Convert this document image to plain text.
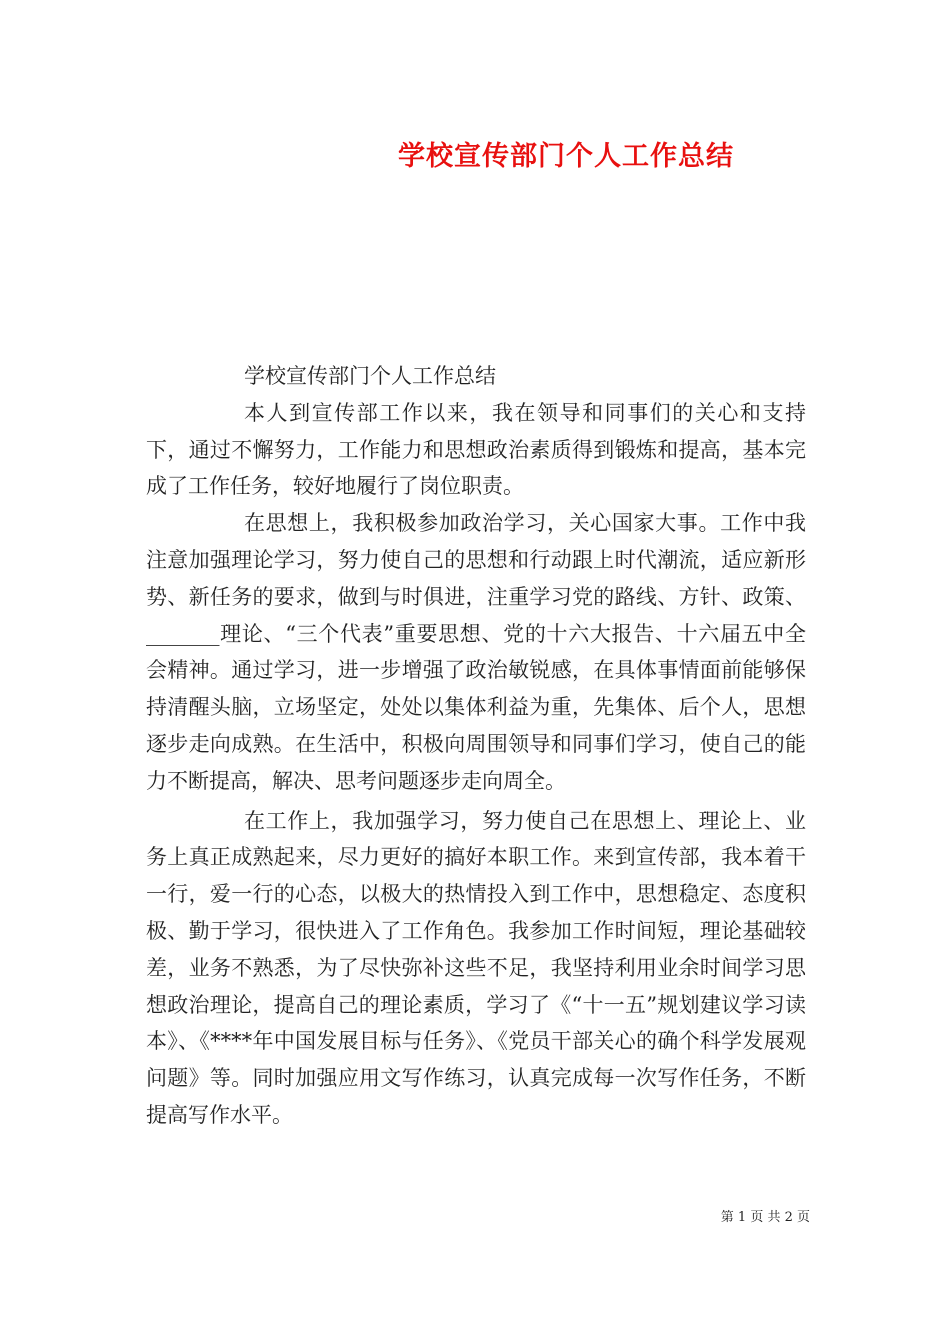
学校宣传部门个人工作总结

学校宣传部门个人工作总结

本人到宣传部工作以来，我在领导和同事们的关心和支持下，通过不懈努力，工作能力和思想政治素质得到锻炼和提高，基本完成了工作任务，较好地履行了岗位职责。

在思想上，我积极参加政治学习，关心国家大事。工作中我注意加强理论学习，努力使自己的思想和行动跟上时代潮流，适应新形势、新任务的要求，做到与时俱进，注重学习党的路线、方针、政策、_______理论、“三个代表”重要思想、党的十六大报告、十六届五中全会精神。通过学习，进一步增强了政治敏锐感，在具体事情面前能够保持清醒头脑，立场坚定，处处以集体利益为重，先集体、后个人，思想逐步走向成熟。在生活中，积极向周围领导和同事们学习，使自己的能力不断提高，解决、思考问题逐步走向周全。

在工作上，我加强学习，努力使自己在思想上、理论上、业务上真正成熟起来，尽力更好的搞好本职工作。来到宣传部，我本着干一行，爱一行的心态，以极大的热情投入到工作中，思想稳定、态度积极、勤于学习，很快进入了工作角色。我参加工作时间短，理论基础较差，业务不熟悉，为了尽快弥补这些不足，我坚持利用业余时间学习思想政治理论，提高自己的理论素质，学习了《“十一五”规划建议学习读本》、《****年中国发展目标与任务》、《党员干部关心的确个科学发展观问题》等。同时加强应用文写作练习，认真完成每一次写作任务，不断提高写作水平。

第 1 页 共 2 页
